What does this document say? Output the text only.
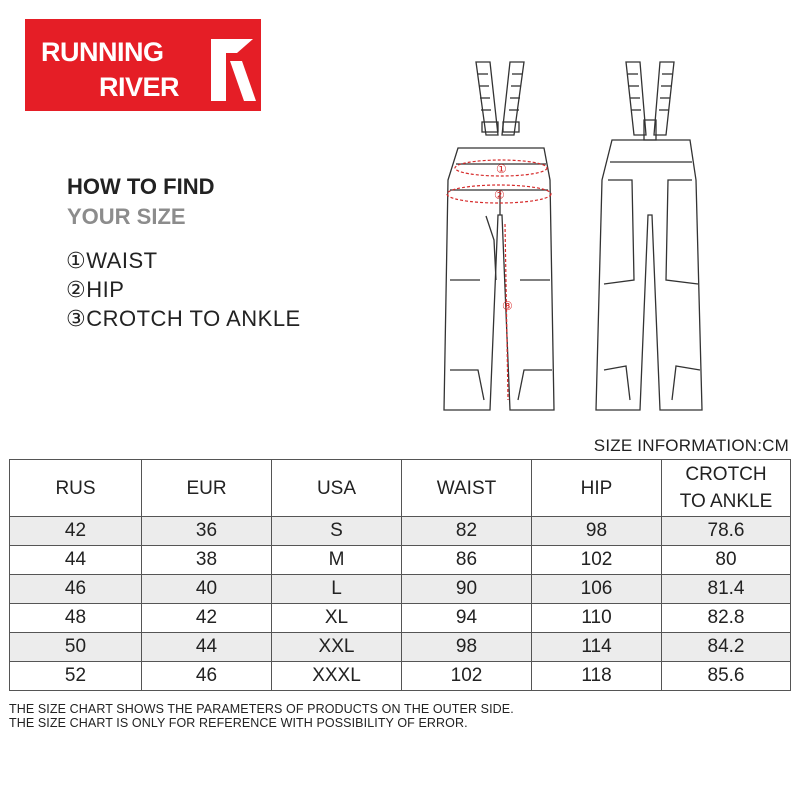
RUNNING
RIVER
HOW TO FIND
YOUR SIZE
①WAIST
②HIP
③CROTCH TO ANKLE
①
②
③
SIZE INFORMATION:CM
RUS	EUR	USA	WAIST	HIP	CROTCH
TO ANKLE

42	36	S	82	98	78.6
44	38	M	86	102	80
46	40	L	90	106	81.4
48	42	XL	94	110	82.8
50	44	XXL	98	114	84.2
52	46	XXXL	102	118	85.6
THE SIZE CHART SHOWS THE PARAMETERS OF PRODUCTS ON THE OUTER SIDE.
THE SIZE CHART IS ONLY FOR REFERENCE WITH POSSIBILITY OF ERROR.
